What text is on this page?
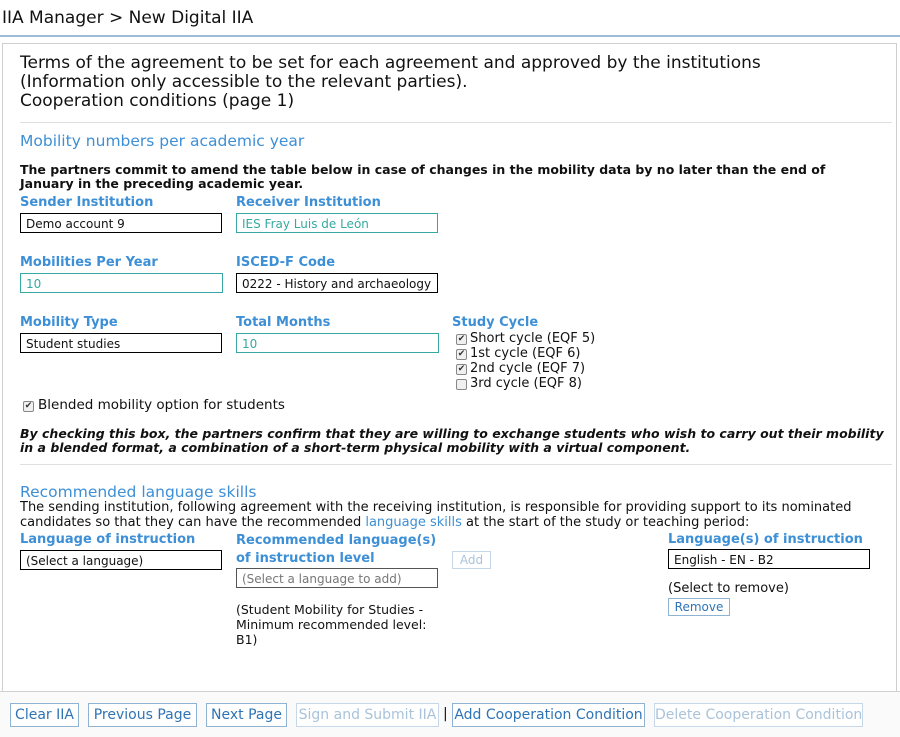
IIA Manager > New Digital IIA
Terms of the agreement to be set for each agreement and approved by the institutions
(Information only accessible to the relevant parties).
Cooperation conditions (page 1)
Mobility numbers per academic year
The partners commit to amend the table below in case of changes in the mobility data by no later than the end of January in the preceding academic year.
Sender Institution
Demo account 9
Receiver Institution
IES Fray Luis de León
Mobilities Per Year
10
ISCED-F Code
0222 - History and archaeology
Mobility Type
Student studies
Total Months
10
Study Cycle
✔ Short cycle (EQF 5)
✔ 1st cycle (EQF 6)
✔ 2nd cycle (EQF 7)
3rd cycle (EQF 8)
✔ Blended mobility option for students
By checking this box, the partners confirm that they are willing to exchange students who wish to carry out their mobility in a blended format, a combination of a short-term physical mobility with a virtual component.
Recommended language skills
The sending institution, following agreement with the receiving institution, is responsible for providing support to its nominated candidates so that they can have the recommended language skills at the start of the study or teaching period:
Language of instruction
(Select a language)
Recommended language(s) of instruction level
(Select a language to add)
Add
(Student Mobility for Studies - Minimum recommended level: B1)
Language(s) of instruction
English - EN - B2
(Select to remove)
Remove
Clear IIA	Previous Page	Next Page	Sign and Submit IIA | Add Cooperation Condition Delete Cooperation Condition
